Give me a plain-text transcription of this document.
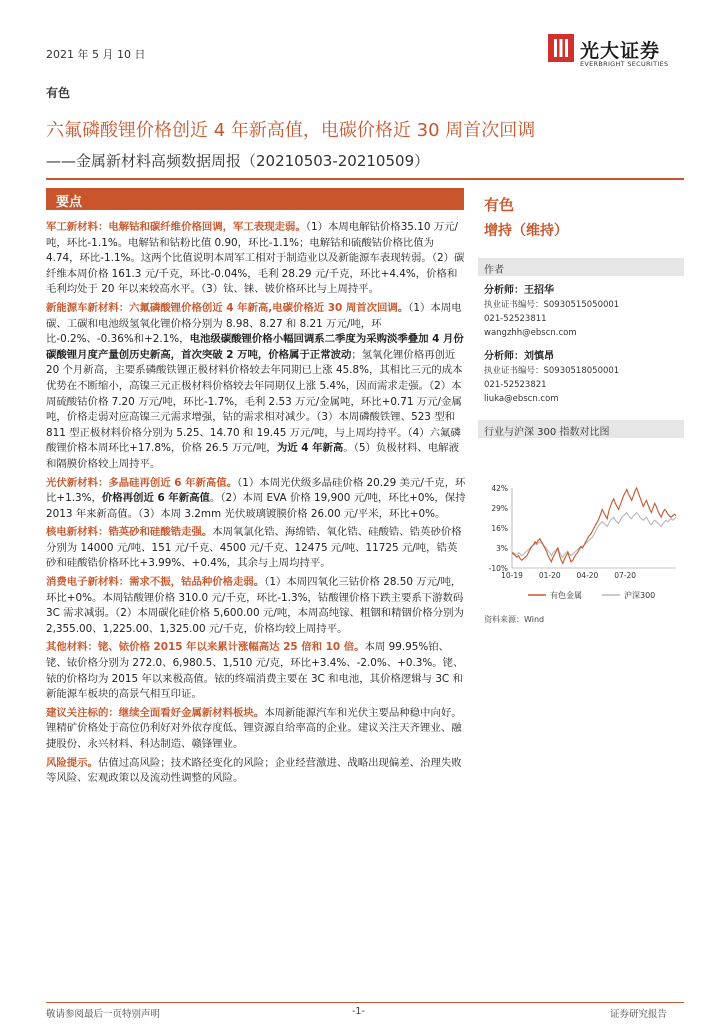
2021 年 5 月 10 日	光大证券
EVERBRIGHT SECURITIES
有色
六氟磷酸锂价格创近 4 年新高值，电碳价格近 30 周首次回调
——金属新材料高频数据周报（20210503-20210509）
要点
军工新材料：电解钴和碳纤维价格回调，军工表现走弱。（1）本周电解钴价格35.10 万元/吨，环比-1.1%。电解钴和钴粉比值 0.90，环比-1.1%；电解钴和硫酸钴价格比值为 4.74，环比-1.1%。这两个比值说明本周军工相对于制造业以及新能源车表现转弱。（2）碳纤维本周价格 161.3 元/千克，环比-0.04%，毛利 28.29 元/千克，环比+4.4%，价格和毛利均处于 20 年以来较高水平。（3）钛、铼、铍价格环比与上周持平。
新能源车新材料：六氟磷酸锂价格创近 4 年新高,电碳价格近 30 周首次回调。（1）本周电碳、工碳和电池级氢氧化锂价格分别为 8.98、8.27 和 8.21 万元/吨，环比-0.2%、-0.36%和+2.1%，电池级碳酸锂价格小幅回调系二季度为采购淡季叠加 4 月份碳酸锂月度产量创历史新高，首次突破 2 万吨，价格属于正常波动；氢氧化锂价格再创近 20 个月新高，主要系磷酸铁锂正极材料价格较去年同期已上涨 45.8%，其相比三元的成本优势在不断缩小，高镍三元正极材料价格较去年同期仅上涨 5.4%，因而需求走强。（2）本周硫酸钴价格 7.20 万元/吨，环比-1.7%，毛利 2.53 万元/金属吨，环比+0.71 万元/金属吨，价格走弱对应高镍三元需求增强，钴的需求相对减少。（3）本周磷酸铁锂、523 型和 811 型正极材料价格分别为 5.25、14.70 和 19.45 万元/吨，与上周均持平。（4）六氟磷酸锂价格本周环比+17.8%，价格 26.5 万元/吨，为近 4 年新高。（5）负极材料、电解液和隔膜价格较上周持平。
光伏新材料：多晶硅再创近 6 年新高值。（1）本周光伏级多晶硅价格 20.29 美元/千克，环比+1.3%，价格再创近 6 年新高值。（2）本周 EVA 价格 19,900 元/吨，环比+0%，保持 2013 年来新高值。（3）本周 3.2mm 光伏玻璃镀膜价格 26.00 元/平米，环比+0%。
核电新材料：锆英砂和硅酸锆走强。本周氧氯化锆、海绵锆、氧化锆、硅酸锆、锆英砂价格分别为 14000 元/吨、151 元/千克、4500 元/千克、12475 元/吨、11725 元/吨，锆英砂和硅酸锆价格环比+3.99%、+0.4%，其余与上周均持平。
消费电子新材料：需求不振，钴品种价格走弱。（1）本周四氧化三钴价格 28.50 万元/吨，环比+0%。本周钴酸锂价格 310.0 元/千克，环比-1.3%，钴酸锂价格下跌主要系下游数码 3C 需求减弱。（2）本周碳化硅价格 5,600.00 元/吨，本周高纯镓、粗铟和精铟价格分别为 2,355.00、1,225.00、1,325.00 元/千克，价格均较上周持平。
其他材料：铑、铱价格 2015 年以来累计涨幅高达 25 倍和 10 倍。本周 99.95%铂、铑、铱价格分别为 272.0、6,980.5、1,510 元/克，环比+3.4%、-2.0%、+0.3%。铑、铱的价格均为 2015 年以来极高值。铱的终端消费主要在 3C 和电池，其价格逻辑与 3C 和新能源车板块的高景气相互印证。
建议关注标的：继续全面看好金属新材料板块。本周新能源汽车和光伏主要品种稳中向好。锂精矿价格处于高位仍利好对外依存度低、锂资源自给率高的企业。建议关注天齐锂业、融捷股份、永兴材料、科达制造、赣锋锂业。
风险提示。估值过高风险；技术路径变化的风险；企业经营激进、战略出现偏差、治理失败等风险、宏观政策以及流动性调整的风险。
有色
增持（维持）
作者
分析师：王招华
执业证书编号：S0930515050001
021-52523811
wangzhh@ebscn.com
分析师：刘慎昂
执业证书编号：S0930518050001
021-52523821
liuka@ebscn.com
行业与沪深 300 指数对比图
42%
29%
16%
3%
-10%
10-19 01-20 04-20 07-20
有色金属	沪深300
资料来源：Wind
敬请参阅最后一页特别声明	-1-	证券研究报告
